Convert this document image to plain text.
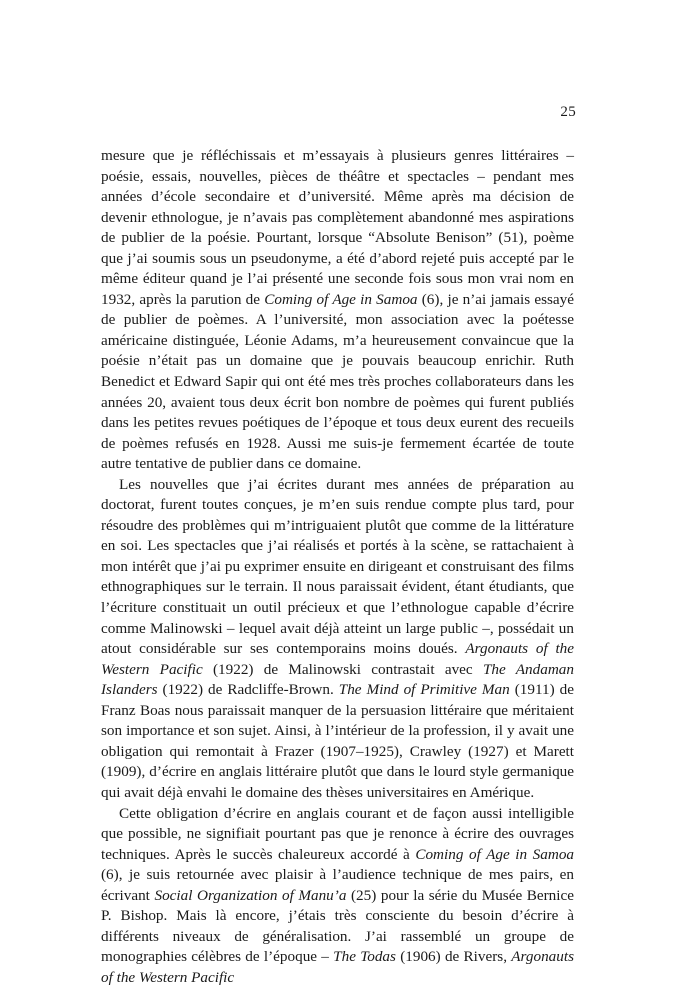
25

mesure que je réfléchissais et m’essayais à plusieurs genres littéraires – poésie, essais, nouvelles, pièces de théâtre et spectacles – pendant mes années d’école secondaire et d’université. Même après ma décision de devenir ethnologue, je n’avais pas complètement abandonné mes aspirations de publier de la poésie. Pourtant, lorsque “Absolute Benison” (51), poème que j’ai soumis sous un pseudonyme, a été d’abord rejeté puis accepté par le même éditeur quand je l’ai présenté une seconde fois sous mon vrai nom en 1932, après la parution de Coming of Age in Samoa (6), je n’ai jamais essayé de publier de poèmes. A l’université, mon association avec la poétesse américaine distinguée, Léonie Adams, m’a heureusement convaincue que la poésie n’était pas un domaine que je pouvais beaucoup enrichir. Ruth Benedict et Edward Sapir qui ont été mes très proches collaborateurs dans les années 20, avaient tous deux écrit bon nombre de poèmes qui furent publiés dans les petites revues poétiques de l’époque et tous deux eurent des recueils de poèmes refusés en 1928. Aussi me suis-je fermement écartée de toute autre tentative de publier dans ce domaine.

Les nouvelles que j’ai écrites durant mes années de préparation au doctorat, furent toutes conçues, je m’en suis rendue compte plus tard, pour résoudre des problèmes qui m’intriguaient plutôt que comme de la littérature en soi. Les spectacles que j’ai réalisés et portés à la scène, se rattachaient à mon intérêt que j’ai pu exprimer ensuite en dirigeant et construisant des films ethnographiques sur le terrain. Il nous paraissait évident, étant étudiants, que l’écriture constituait un outil précieux et que l’ethnologue capable d’écrire comme Malinowski – lequel avait déjà atteint un large public –, possédait un atout considérable sur ses contemporains moins doués. Argonauts of the Western Pacific (1922) de Malinowski contrastait avec The Andaman Islanders (1922) de Radcliffe-Brown. The Mind of Primitive Man (1911) de Franz Boas nous paraissait manquer de la persuasion littéraire que méritaient son importance et son sujet. Ainsi, à l’intérieur de la profession, il y avait une obligation qui remontait à Frazer (1907–1925), Crawley (1927) et Marett (1909), d’écrire en anglais littéraire plutôt que dans le lourd style germanique qui avait déjà envahi le domaine des thèses universitaires en Amérique.

Cette obligation d’écrire en anglais courant et de façon aussi intelligible que possible, ne signifiait pourtant pas que je renonce à écrire des ouvrages techniques. Après le succès chaleureux accordé à Coming of Age in Samoa (6), je suis retournée avec plaisir à l’audience technique de mes pairs, en écrivant Social Organization of Manu’a (25) pour la série du Musée Bernice P. Bishop. Mais là encore, j’étais très consciente du besoin d’écrire à différents niveaux de généralisation. J’ai rassemblé un groupe de monographies célèbres de l’époque – The Todas (1906) de Rivers, Argonauts of the Western Pacific
